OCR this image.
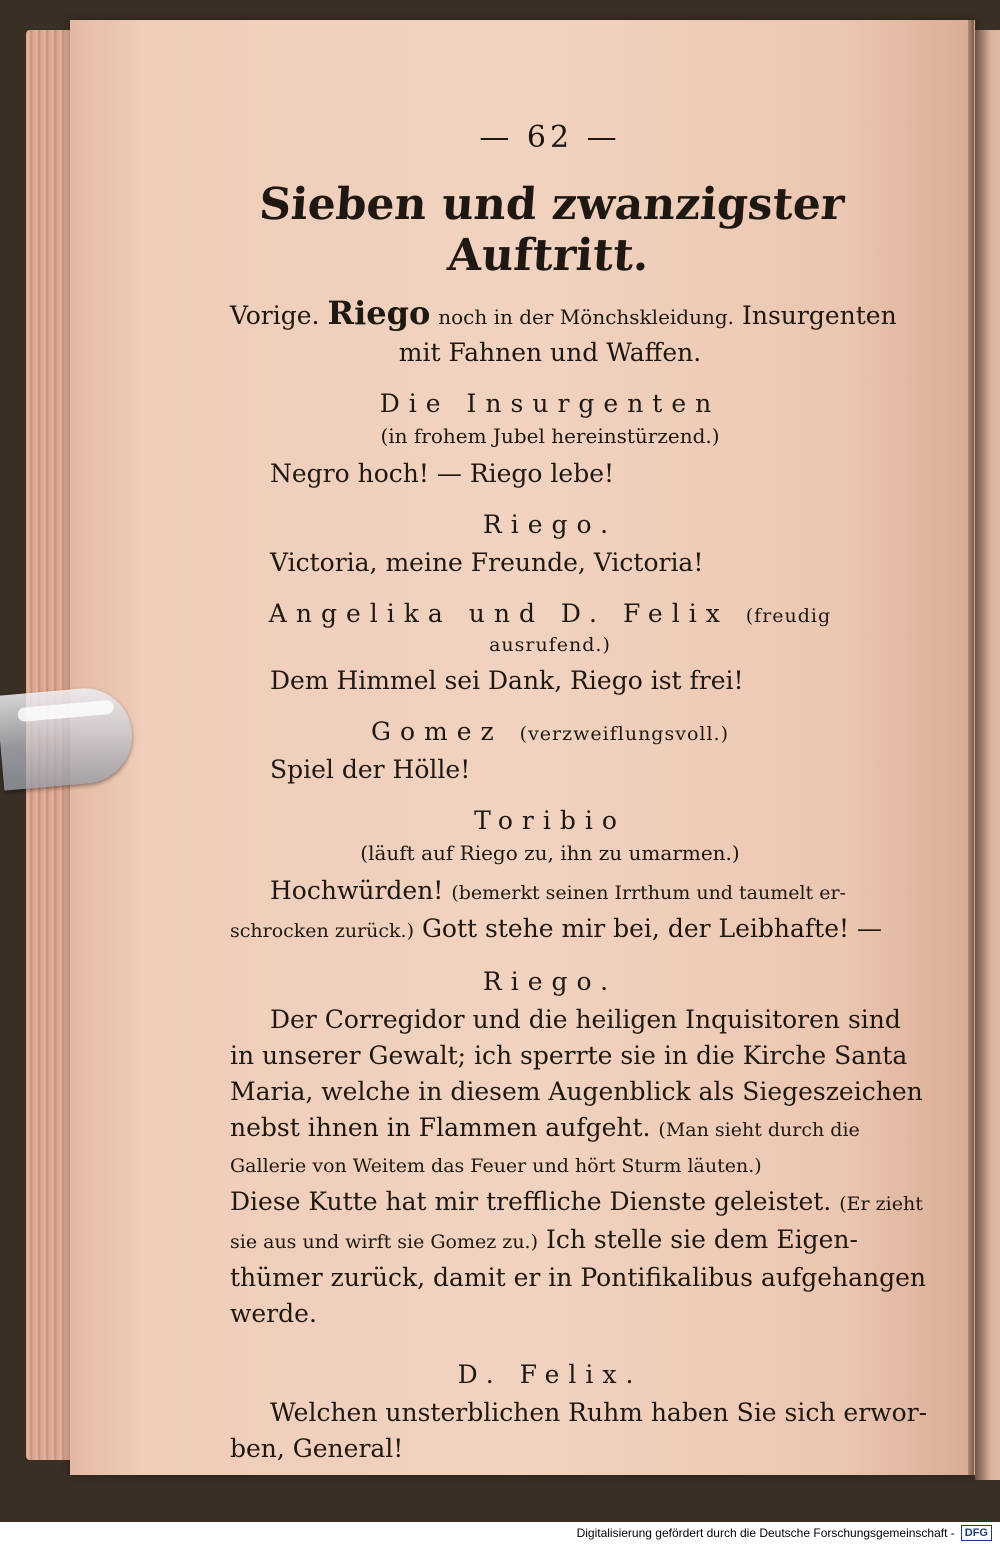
— 62 —
Sieben und zwanzigster Auftritt.
Vorige. Riego noch in der Mönchskleidung. Insurgenten
mit Fahnen und Waffen.
Die Insurgenten
(in frohem Jubel hereinstürzend.)
Negro hoch! — Riego lebe!
Riego.
Victoria, meine Freunde, Victoria!
Angelika und D. Felix (freudig ausrufend.)
Dem Himmel sei Dank, Riego ist frei!
Gomez (verzweiflungsvoll.)
Spiel der Hölle!
Toribio
(läuft auf Riego zu, ihn zu umarmen.)
Hochwürden! (bemerkt seinen Irrthum und taumelt er-
schrocken zurück.) Gott stehe mir bei, der Leibhafte! —
Riego.
Der Corregidor und die heiligen Inquisitoren sind
in unserer Gewalt; ich sperrte sie in die Kirche Santa
Maria, welche in diesem Augenblick als Siegeszeichen
nebst ihnen in Flammen aufgeht. (Man sieht durch die
Gallerie von Weitem das Feuer und hört Sturm läuten.)
Diese Kutte hat mir treffliche Dienste geleistet. (Er zieht
sie aus und wirft sie Gomez zu.) Ich stelle sie dem Eigen-
thümer zurück, damit er in Pontifikalibus aufgehangen
werde.
D. Felix.
Welchen unsterblichen Ruhm haben Sie sich erwor-
ben, General!
Digitalisierung gefördert durch die Deutsche Forschungsgemeinschaft - DFG
